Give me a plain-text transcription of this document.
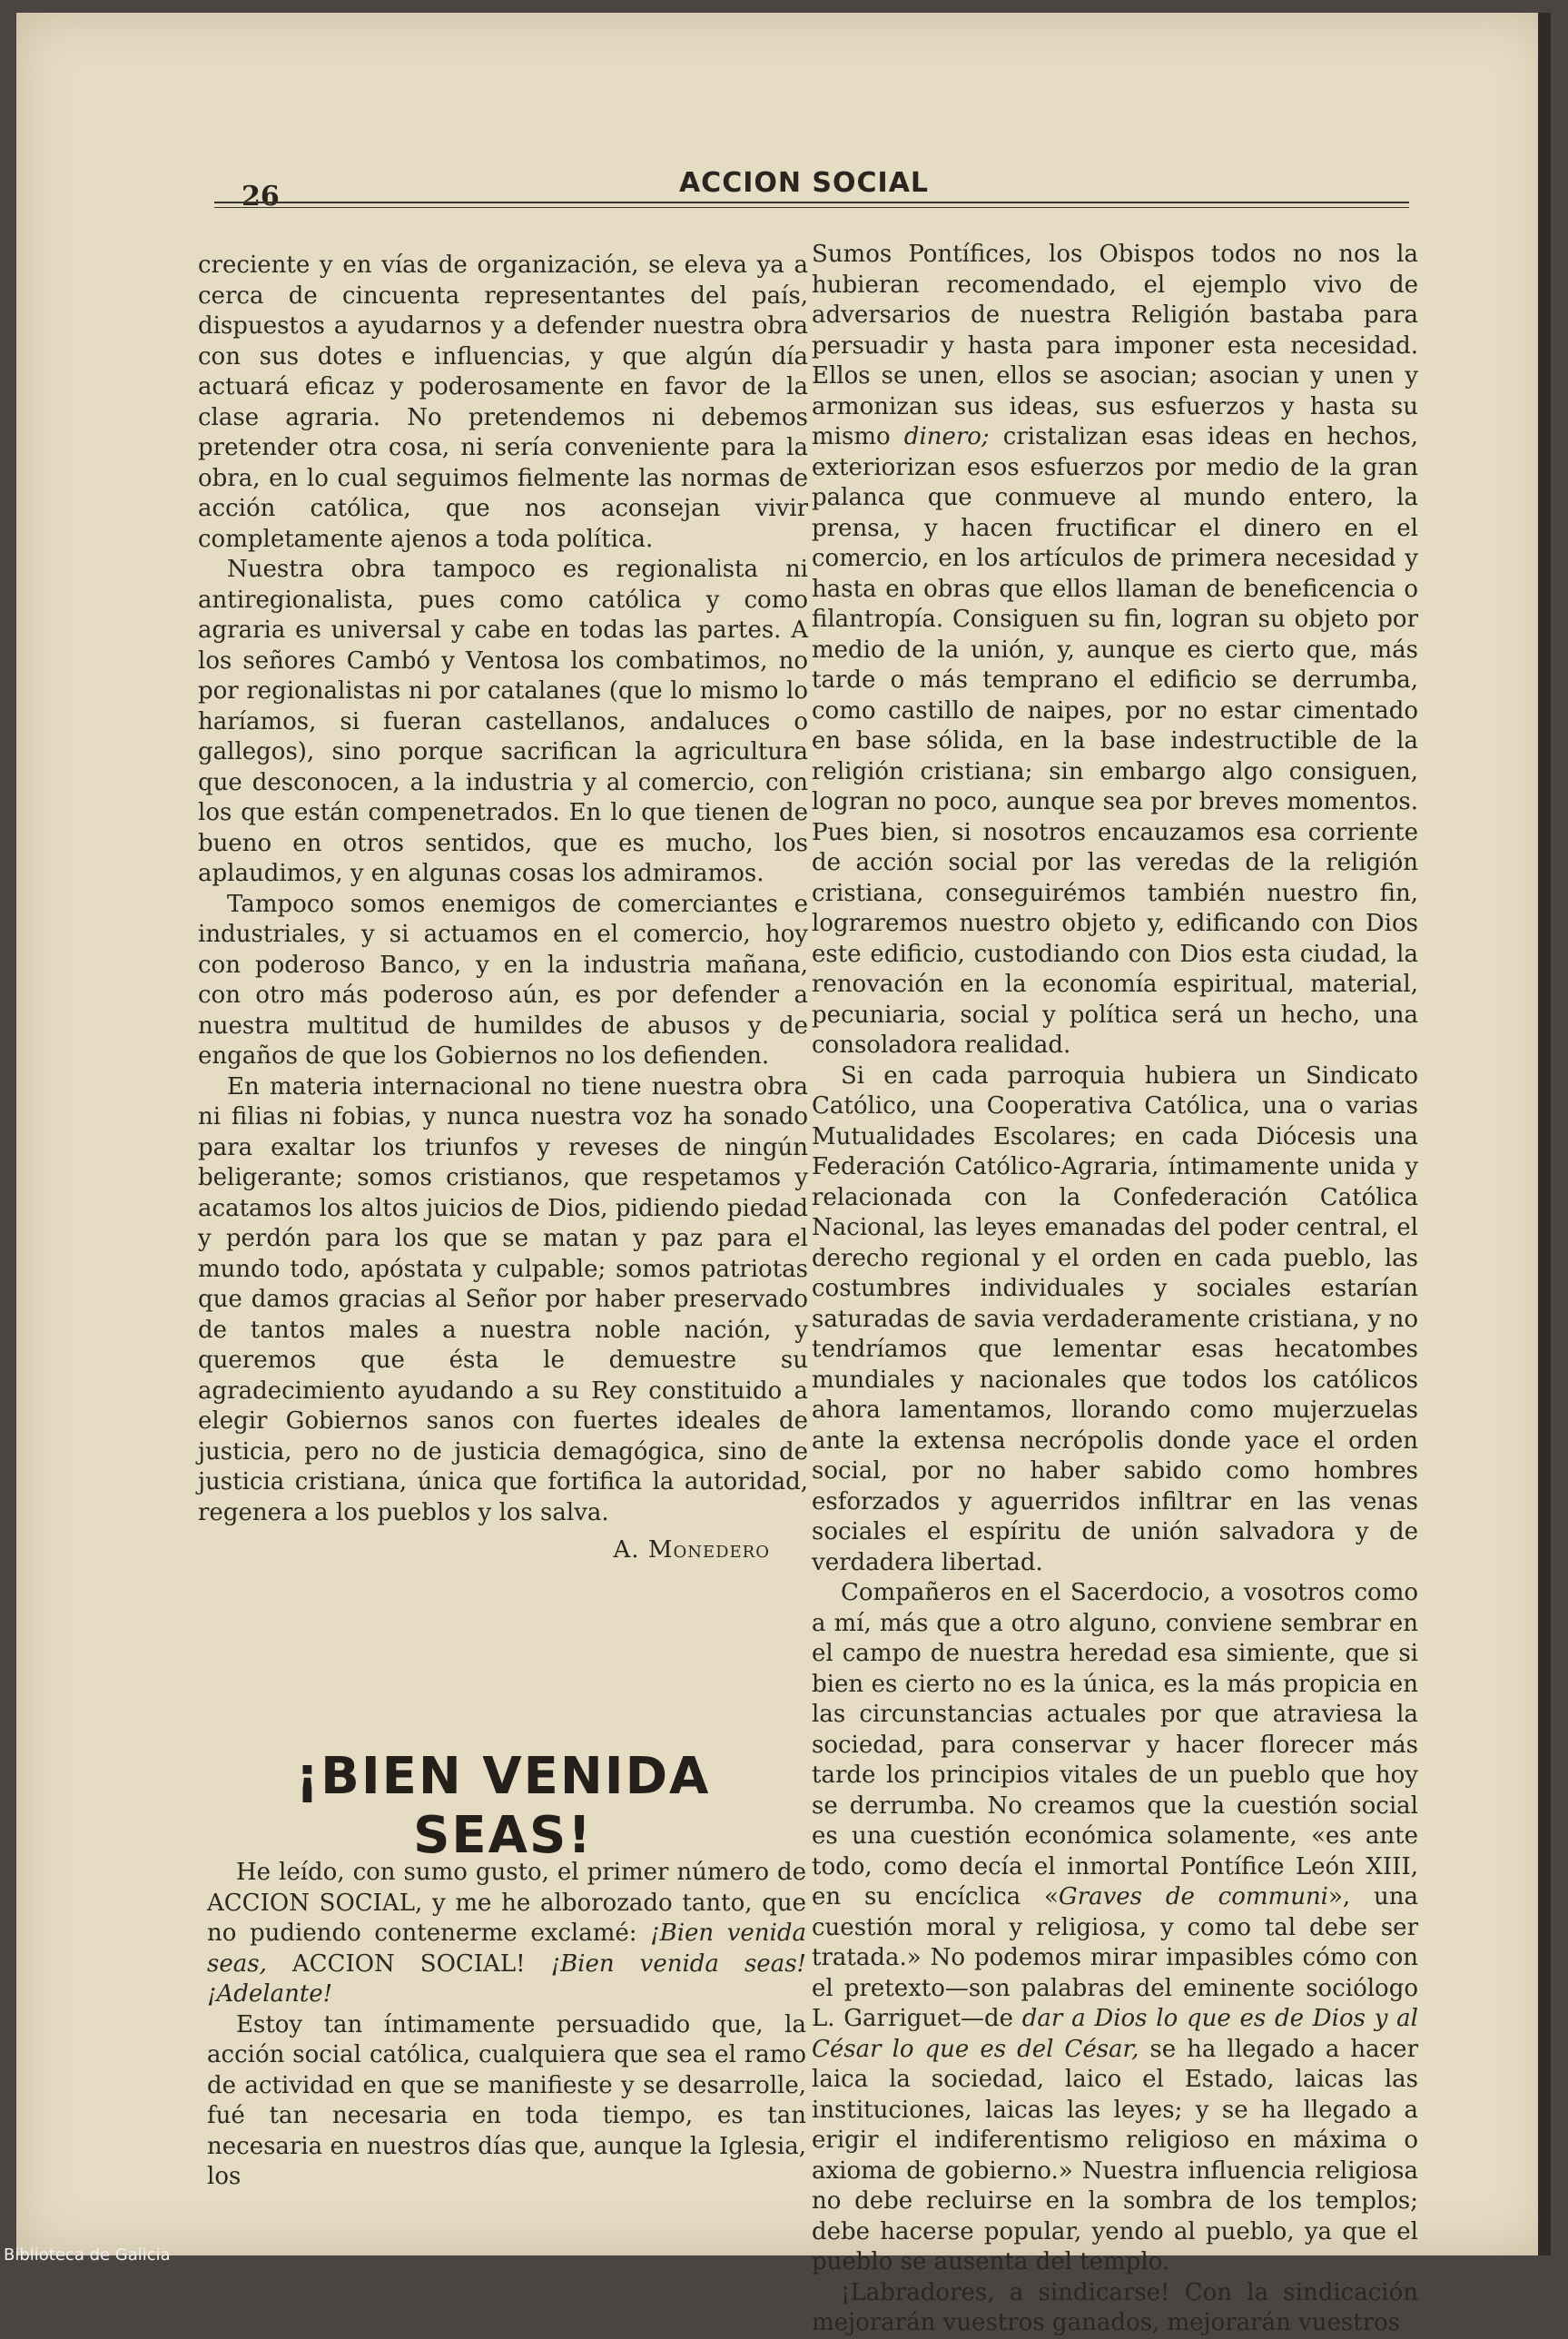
26	ACCION SOCIAL

creciente y en vías de organización, se eleva ya a cerca de cincuenta representantes del país, dispuestos a ayudarnos y a defender nuestra obra con sus dotes e influencias, y que algún día actuará eficaz y poderosamente en favor de la clase agraria. No pretendemos ni debemos pretender otra cosa, ni sería conveniente para la obra, en lo cual seguimos fielmente las normas de acción católica, que nos aconsejan vivir completamente ajenos a toda política.

Nuestra obra tampoco es regionalista ni antiregionalista, pues como católica y como agraria es universal y cabe en todas las partes. A los señores Cambó y Ventosa los combatimos, no por regionalistas ni por catalanes (que lo mismo lo haríamos, si fueran castellanos, andaluces o gallegos), sino porque sacrifican la agricultura que desconocen, a la industria y al comercio, con los que están compenetrados. En lo que tienen de bueno en otros sentidos, que es mucho, los aplaudimos, y en algunas cosas los admiramos.

Tampoco somos enemigos de comerciantes e industriales, y si actuamos en el comercio, hoy con poderoso Banco, y en la industria mañana, con otro más poderoso aún, es por defender a nuestra multitud de humildes de abusos y de engaños de que los Gobiernos no los defienden.

En materia internacional no tiene nuestra obra ni filias ni fobias, y nunca nuestra voz ha sonado para exaltar los triunfos y reveses de ningún beligerante; somos cristianos, que respetamos y acatamos los altos juicios de Dios, pidiendo piedad y perdón para los que se matan y paz para el mundo todo, apóstata y culpable; somos patriotas que damos gracias al Señor por haber preservado de tantos males a nuestra noble nación, y queremos que ésta le demuestre su agradecimiento ayudando a su Rey constituido a elegir Gobiernos sanos con fuertes ideales de justicia, pero no de justicia demagógica, sino de justicia cristiana, única que fortifica la autoridad, regenera a los pueblos y los salva.

A. Monedero
¡BIEN VENIDA SEAS!

He leído, con sumo gusto, el primer número de ACCION SOCIAL, y me he alborozado tanto, que no pudiendo contenerme exclamé: ¡Bien venida seas, ACCION SOCIAL! ¡Bien venida seas! ¡Adelante!

Estoy tan íntimamente persuadido que, la acción social católica, cualquiera que sea el ramo de actividad en que se manifieste y se desarrolle, fué tan necesaria en toda tiempo, es tan necesaria en nuestros días que, aunque la Iglesia, los

Sumos Pontífices, los Obispos todos no nos la hubieran recomendado, el ejemplo vivo de adversarios de nuestra Religión bastaba para persuadir y hasta para imponer esta necesidad. Ellos se unen, ellos se asocian; asocian y unen y armonizan sus ideas, sus esfuerzos y hasta su mismo dinero; cristalizan esas ideas en hechos, exteriorizan esos esfuerzos por medio de la gran palanca que conmueve al mundo entero, la prensa, y hacen fructificar el dinero en el comercio, en los artículos de primera necesidad y hasta en obras que ellos llaman de beneficencia o filantropía. Consiguen su fin, logran su objeto por medio de la unión, y, aunque es cierto que, más tarde o más temprano el edificio se derrumba, como castillo de naipes, por no estar cimentado en base sólida, en la base indestructible de la religión cristiana; sin embargo algo consiguen, logran no poco, aunque sea por breves momentos. Pues bien, si nosotros encauzamos esa corriente de acción social por las veredas de la religión cristiana, conseguirémos también nuestro fin, lograremos nuestro objeto y, edificando con Dios este edificio, custodiando con Dios esta ciudad, la renovación en la economía espiritual, material, pecuniaria, social y política será un hecho, una consoladora realidad.

Si en cada parroquia hubiera un Sindicato Católico, una Cooperativa Católica, una o varias Mutualidades Escolares; en cada Diócesis una Federación Católico-Agraria, íntimamente unida y relacionada con la Confederación Católica Nacional, las leyes emanadas del poder central, el derecho regional y el orden en cada pueblo, las costumbres individuales y sociales estarían saturadas de savia verdaderamente cristiana, y no tendríamos que lementar esas hecatombes mundiales y nacionales que todos los católicos ahora lamentamos, llorando como mujerzuelas ante la extensa necrópolis donde yace el orden social, por no haber sabido como hombres esforzados y aguerridos infiltrar en las venas sociales el espíritu de unión salvadora y de verdadera libertad.

Compañeros en el Sacerdocio, a vosotros como a mí, más que a otro alguno, conviene sembrar en el campo de nuestra heredad esa simiente, que si bien es cierto no es la única, es la más propicia en las circunstancias actuales por que atraviesa la sociedad, para conservar y hacer florecer más tarde los principios vitales de un pueblo que hoy se derrumba. No creamos que la cuestión social es una cuestión económica solamente, «es ante todo, como decía el inmortal Pontífice León XIII, en su encíclica «Graves de communi», una cuestión moral y religiosa, y como tal debe ser tratada.» No podemos mirar impasibles cómo con el pretexto—son palabras del eminente sociólogo L. Garriguet—de dar a Dios lo que es de Dios y al César lo que es del César, se ha llegado a hacer laica la sociedad, laico el Estado, laicas las instituciones, laicas las leyes; y se ha llegado a erigir el indiferentismo religioso en máxima o axioma de gobierno.» Nuestra influencia religiosa no debe recluirse en la sombra de los templos; debe hacerse popular, yendo al pueblo, ya que el pueblo se ausenta del templo.

¡Labradores, a sindicarse! Con la sindicación mejorarán vuestros ganados, mejorarán vuestros

Biblioteca de Galicia
